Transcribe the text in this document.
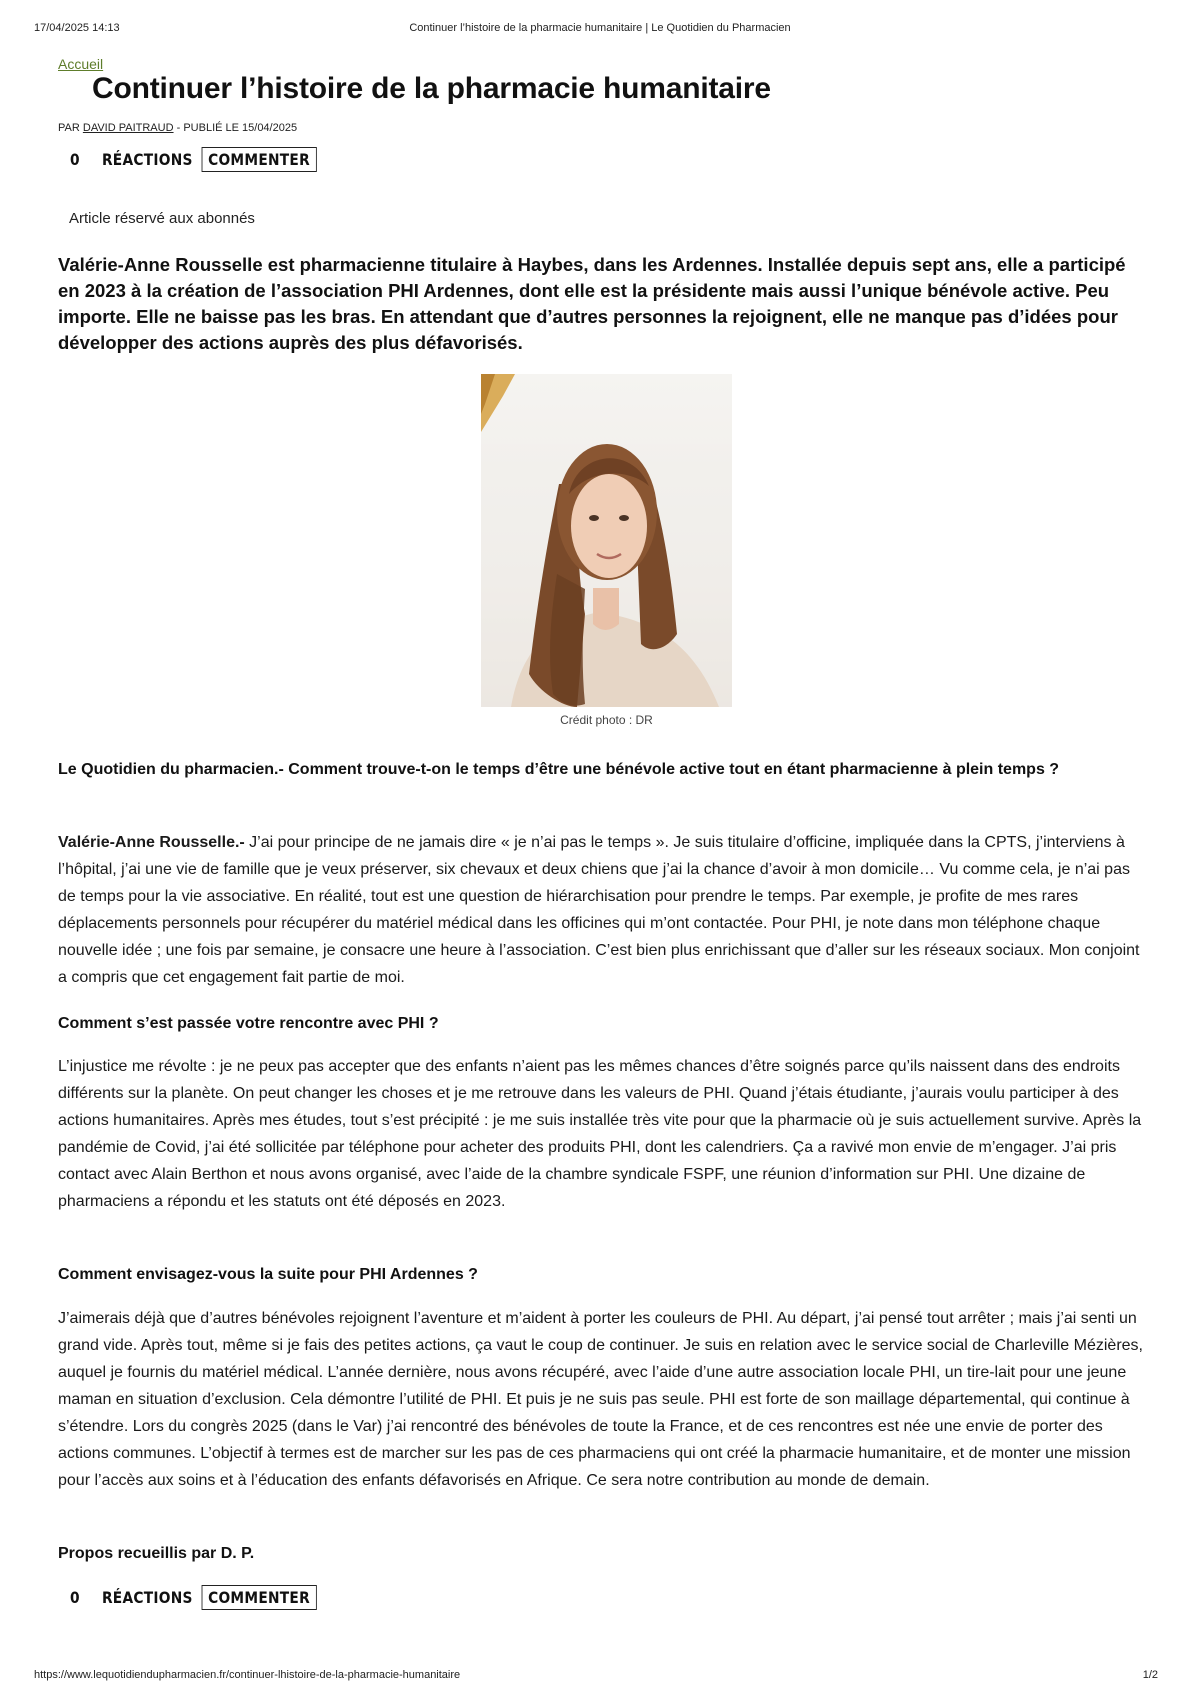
17/04/2025 14:13	Continuer l’histoire de la pharmacie humanitaire | Le Quotidien du Pharmacien
Accueil
Continuer l’histoire de la pharmacie humanitaire
PAR DAVID PAITRAUD - PUBLIÉ LE 15/04/2025
0 RÉACTIONS COMMENTER
Article réservé aux abonnés

Valérie-Anne Rousselle est pharmacienne titulaire à Haybes, dans les Ardennes. Installée depuis sept ans, elle a participé en 2023 à la création de l’association PHI Ardennes, dont elle est la présidente mais aussi l’unique bénévole active. Peu importe. Elle ne baisse pas les bras. En attendant que d’autres personnes la rejoignent, elle ne manque pas d’idées pour développer des actions auprès des plus défavorisés.

Crédit photo : DR

Le Quotidien du pharmacien.- Comment trouve-t-on le temps d’être une bénévole active tout en étant pharmacienne à plein temps ?

Valérie-Anne Rousselle.- J’ai pour principe de ne jamais dire « je n’ai pas le temps ». Je suis titulaire d’officine, impliquée dans la CPTS, j’interviens à l’hôpital, j’ai une vie de famille que je veux préserver, six chevaux et deux chiens que j’ai la chance d’avoir à mon domicile… Vu comme cela, je n’ai pas de temps pour la vie associative. En réalité, tout est une question de hiérarchisation pour prendre le temps. Par exemple, je profite de mes rares déplacements personnels pour récupérer du matériel médical dans les officines qui m’ont contactée. Pour PHI, je note dans mon téléphone chaque nouvelle idée ; une fois par semaine, je consacre une heure à l’association. C’est bien plus enrichissant que d’aller sur les réseaux sociaux. Mon conjoint a compris que cet engagement fait partie de moi.

Comment s’est passée votre rencontre avec PHI ?

L’injustice me révolte : je ne peux pas accepter que des enfants n’aient pas les mêmes chances d’être soignés parce qu’ils naissent dans des endroits différents sur la planète. On peut changer les choses et je me retrouve dans les valeurs de PHI. Quand j’étais étudiante, j’aurais voulu participer à des actions humanitaires. Après mes études, tout s’est précipité : je me suis installée très vite pour que la pharmacie où je suis actuellement survive. Après la pandémie de Covid, j’ai été sollicitée par téléphone pour acheter des produits PHI, dont les calendriers. Ça a ravivé mon envie de m’engager. J’ai pris contact avec Alain Berthon et nous avons organisé, avec l’aide de la chambre syndicale FSPF, une réunion d’information sur PHI. Une dizaine de pharmaciens a répondu et les statuts ont été déposés en 2023.

Comment envisagez-vous la suite pour PHI Ardennes ?

J’aimerais déjà que d’autres bénévoles rejoignent l’aventure et m’aident à porter les couleurs de PHI. Au départ, j’ai pensé tout arrêter ; mais j’ai senti un grand vide. Après tout, même si je fais des petites actions, ça vaut le coup de continuer. Je suis en relation avec le service social de Charleville Mézières, auquel je fournis du matériel médical. L’année dernière, nous avons récupéré, avec l’aide d’une autre association locale PHI, un tire-lait pour une jeune maman en situation d’exclusion. Cela démontre l’utilité de PHI. Et puis je ne suis pas seule. PHI est forte de son maillage départemental, qui continue à s’étendre. Lors du congrès 2025 (dans le Var) j’ai rencontré des bénévoles de toute la France, et de ces rencontres est née une envie de porter des actions communes. L’objectif à termes est de marcher sur les pas de ces pharmaciens qui ont créé la pharmacie humanitaire, et de monter une mission pour l’accès aux soins et à l’éducation des enfants défavorisés en Afrique. Ce sera notre contribution au monde de demain.

Propos recueillis par D. P.

0 RÉACTIONS COMMENTER
https://www.lequotidiendupharmacien.fr/continuer-lhistoire-de-la-pharmacie-humanitaire	1/2
